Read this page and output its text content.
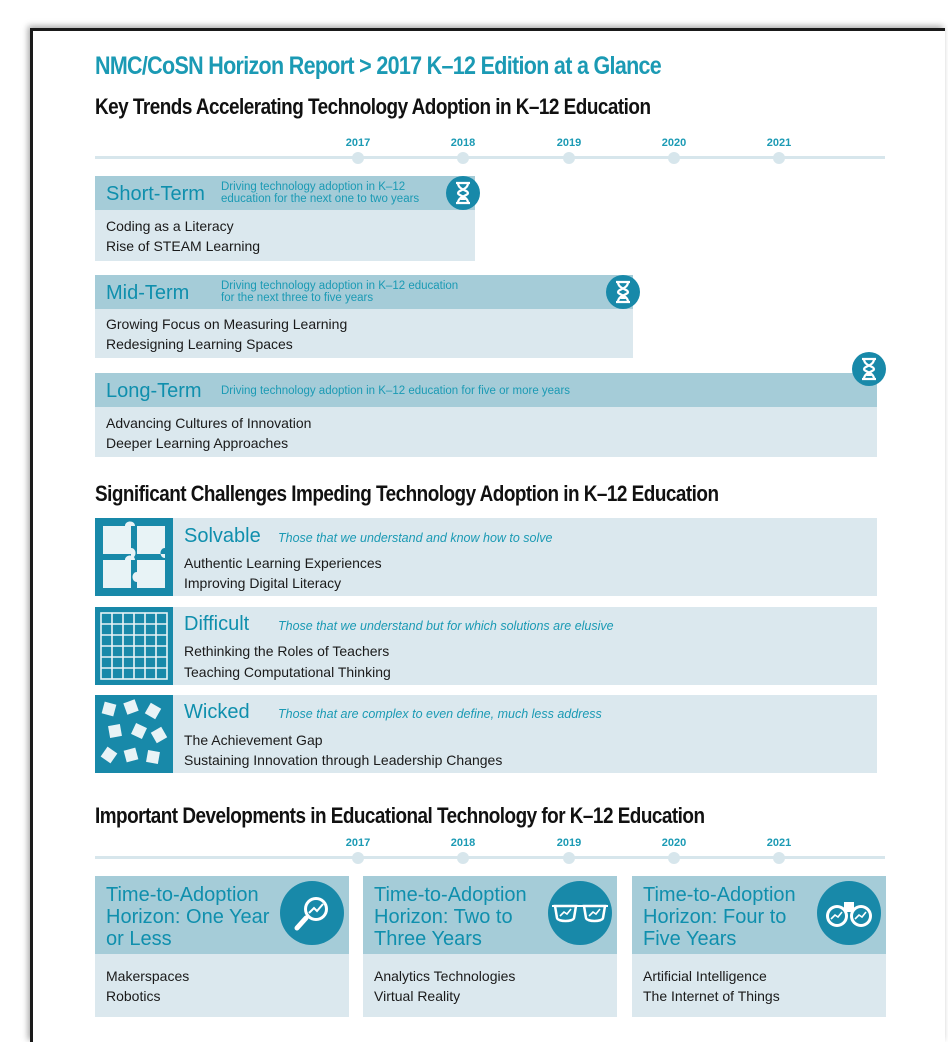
NMC/CoSN Horizon Report > 2017 K–12 Edition at a Glance
Key Trends Accelerating Technology Adoption in K–12 Education
2017	2018	2019	2020	2021
Short-Term Driving technology adoption in K–12
education for the next one to two years
Coding as a Literacy
Rise of STEAM Learning
Mid-Term	Driving technology adoption in K–12 education
for the next three to five years
Growing Focus on Measuring Learning
Redesigning Learning Spaces
Long-Term Driving technology adoption in K–12 education for five or more years
Advancing Cultures of Innovation
Deeper Learning Approaches
Significant Challenges Impeding Technology Adoption in K–12 Education
Solvable Those that we understand and know how to solve
Authentic Learning Experiences
Improving Digital Literacy
Difficult Those that we understand but for which solutions are elusive
Rethinking the Roles of Teachers
Teaching Computational Thinking
Wicked Those that are complex to even define, much less address
The Achievement Gap
Sustaining Innovation through Leadership Changes
Important Developments in Educational Technology for K–12 Education
2017	2018	2019	2020	2021
Time-to-Adoption
Horizon: One Year
or Less
Makerspaces
Robotics
Time-to-Adoption
Horizon: Two to
Three Years
Analytics Technologies
Virtual Reality
Time-to-Adoption
Horizon: Four to
Five Years
Artificial Intelligence
The Internet of Things
